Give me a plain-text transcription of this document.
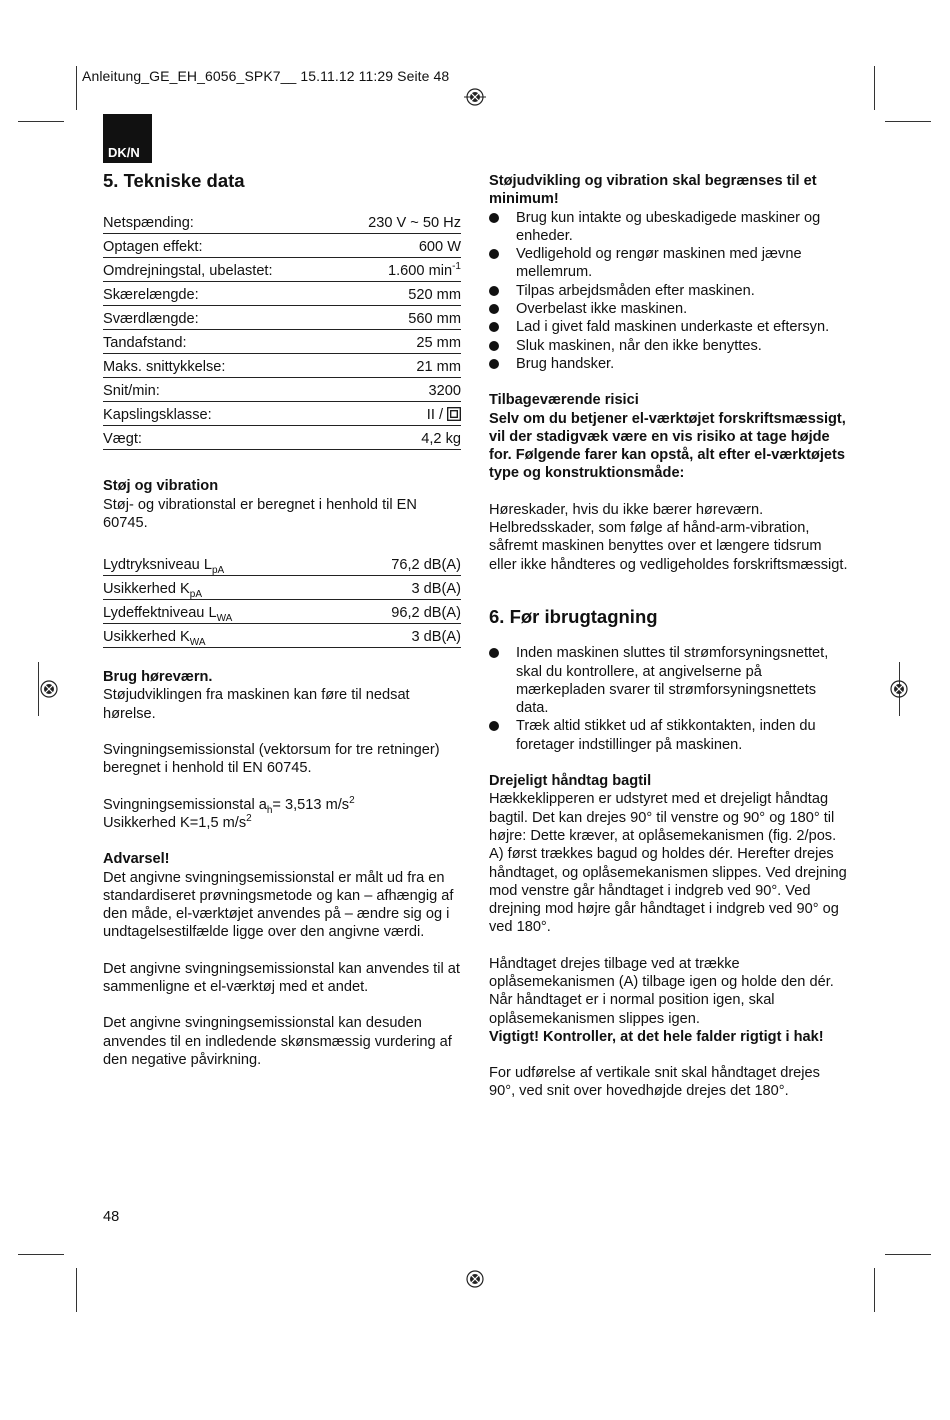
Anleitung_GE_EH_6056_SPK7__ 15.11.12 11:29 Seite 48
DK/N
5. Tekniske data
Netspænding:	230 V ~ 50 Hz
Optagen effekt:	600 W
Omdrejningstal, ubelastet:	1.600 $\min^{-1}$
Skærelængde:	520 mm
Sværdlængde:	560 mm
Tandafstand:	25 mm
Maks. snittykkelse:	21 mm
Snit/min:	3200
Kapslingsklasse:	II /
Vægt:	4,2 kg

Støj og vibration

Støj- og vibrationstal er beregnet i henhold til EN 60745.

Lydtryksniveau $L_{pA}$	76,2 dB(A)
Usikkerhed $K_{pA}$	3 dB(A)
Lydeffektniveau $L_{WA}$	96,2 dB(A)
Usikkerhed $K_{WA}$	3 dB(A)

Brug høreværn.

Støjudviklingen fra maskinen kan føre til nedsat hørelse.

Svingningsemissionstal (vektorsum for tre retninger) beregnet i henhold til EN 60745.

Svingningsemissionstal $a_h= 3,513$ $m/s^2$

Usikkerhed K=1,5 $m/s^2$

Advarsel!

Det angivne svingningsemissionstal er målt ud fra en standardiseret prøvningsmetode og kan – afhængig af den måde, el-værktøjet anvendes på – ændre sig og i undtagelsestilfælde ligge over den angivne værdi.

Det angivne svingningsemissionstal kan anvendes til at sammenligne et el-værktøj med et andet.

Det angivne svingningsemissionstal kan desuden anvendes til en indledende skønsmæssig vurdering af den negative påvirkning.

Støjudvikling og vibration skal begrænses til et minimum!

Brug kun intakte og ubeskadigede maskiner og enheder.
Vedligehold og rengør maskinen med jævne mellemrum.
Tilpas arbejdsmåden efter maskinen.
Overbelast ikke maskinen.
Lad i givet fald maskinen underkaste et eftersyn.
Sluk maskinen, når den ikke benyttes.
Brug handsker.

Tilbageværende risici

Selv om du betjener el-værktøjet forskriftsmæssigt, vil der stadigvæk være en vis risiko at tage højde for. Følgende farer kan opstå, alt efter el-værktøjets type og konstruktionsmåde:

Høreskader, hvis du ikke bærer høreværn. Helbredsskader, som følge af hånd-arm-vibration, såfremt maskinen benyttes over et længere tidsrum eller ikke håndteres og vedligeholdes forskriftsmæssigt.

6. Før ibrugtagning
Inden maskinen sluttes til strømforsyningsnettet, skal du kontrollere, at angivelserne på mærkepladen svarer til strømforsyningsnettets data.
Træk altid stikket ud af stikkontakten, inden du foretager indstillinger på maskinen.

Drejeligt håndtag bagtil

Hækkeklipperen er udstyret med et drejeligt håndtag bagtil. Det kan drejes 90° til venstre og 90° og 180° til højre: Dette kræver, at oplåsemekanismen (fig. 2/pos. A) først trækkes bagud og holdes dér. Herefter drejes håndtaget, og oplåsemekanismen slippes. Ved drejning mod venstre går håndtaget i indgreb ved 90°. Ved drejning mod højre går håndtaget i indgreb ved 90° og ved 180°.

Håndtaget drejes tilbage ved at trække oplåsemekanismen (A) tilbage igen og holde den dér. Når håndtaget er i normal position igen, skal oplåsemekanismen slippes igen.

Vigtigt! Kontroller, at det hele falder rigtigt i hak!

For udførelse af vertikale snit skal håndtaget drejes 90°, ved snit over hovedhøjde drejes det 180°.

48
